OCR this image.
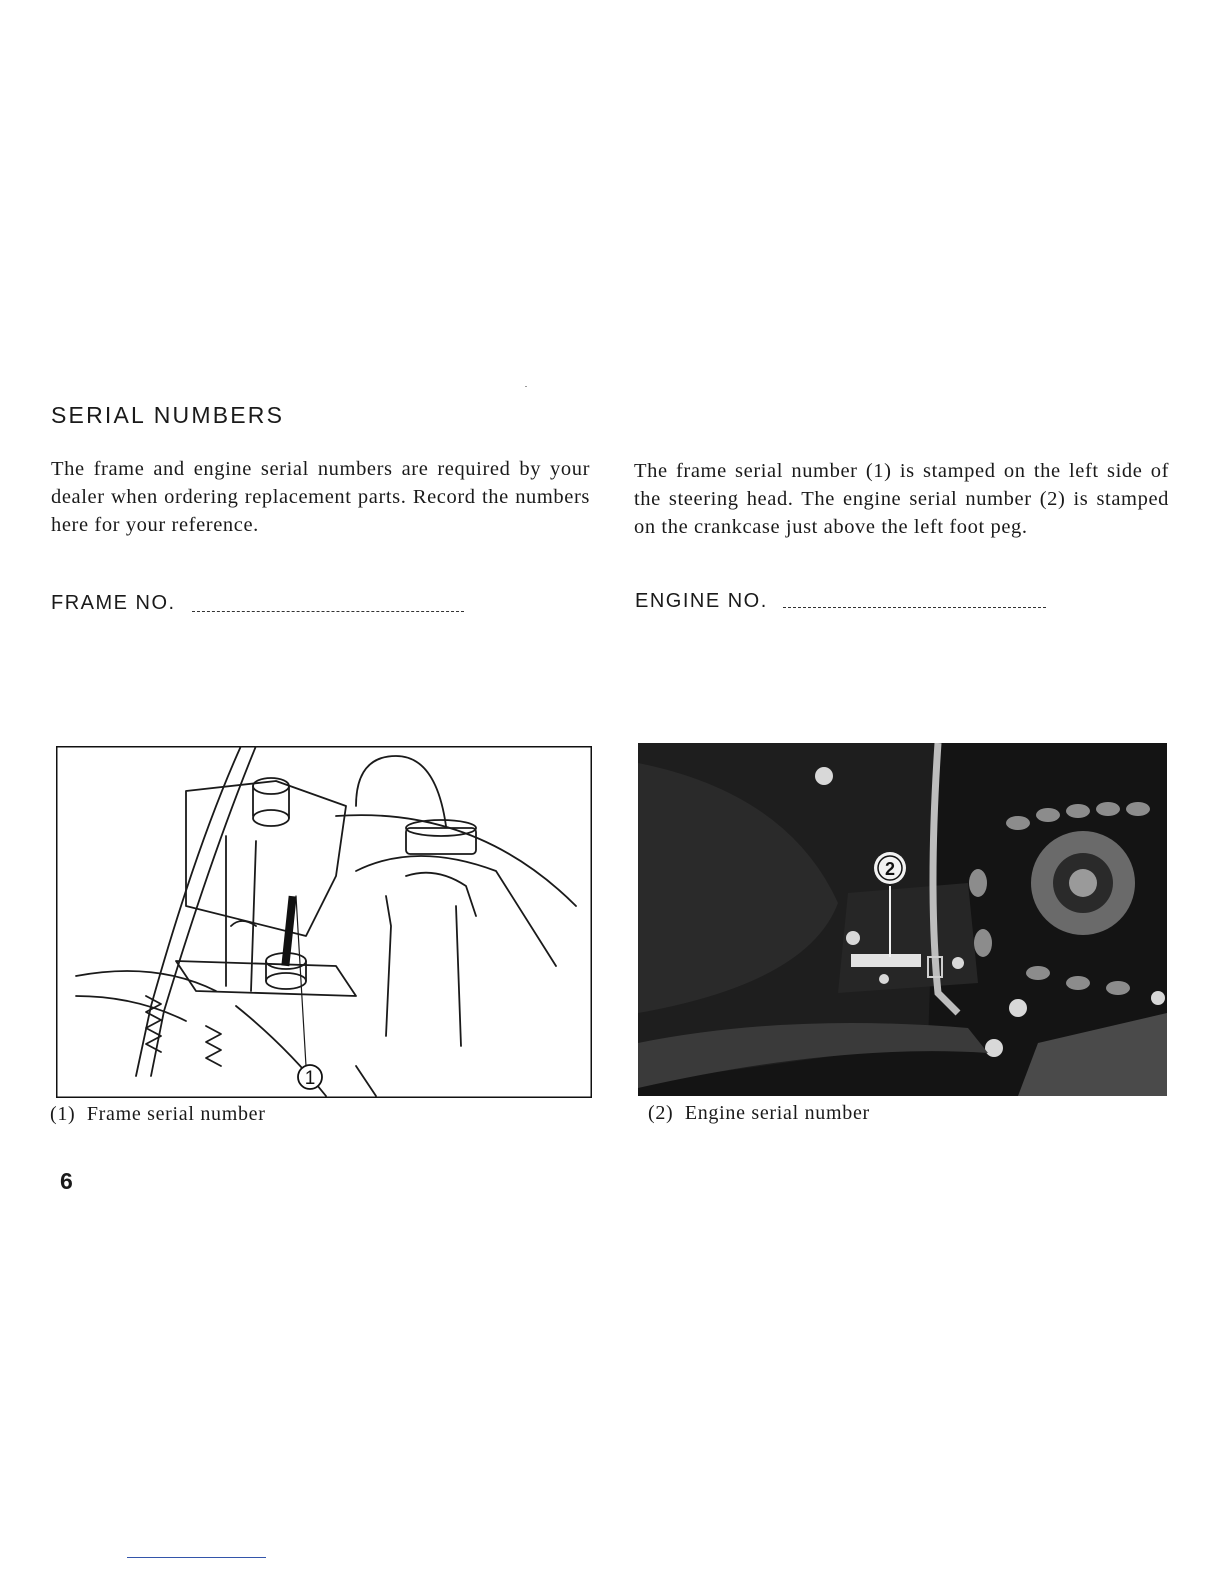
SERIAL NUMBERS

The frame and engine serial numbers are required by your dealer when ordering replacement parts. Record the numbers here for your reference.

The frame serial number (1) is stamped on the left side of the steering head. The engine serial number (2) is stamped on the crankcase just above the left foot peg.

FRAME NO.	ENGINE NO.
1
2
(1)  Frame serial number	(2)  Engine serial number
6
